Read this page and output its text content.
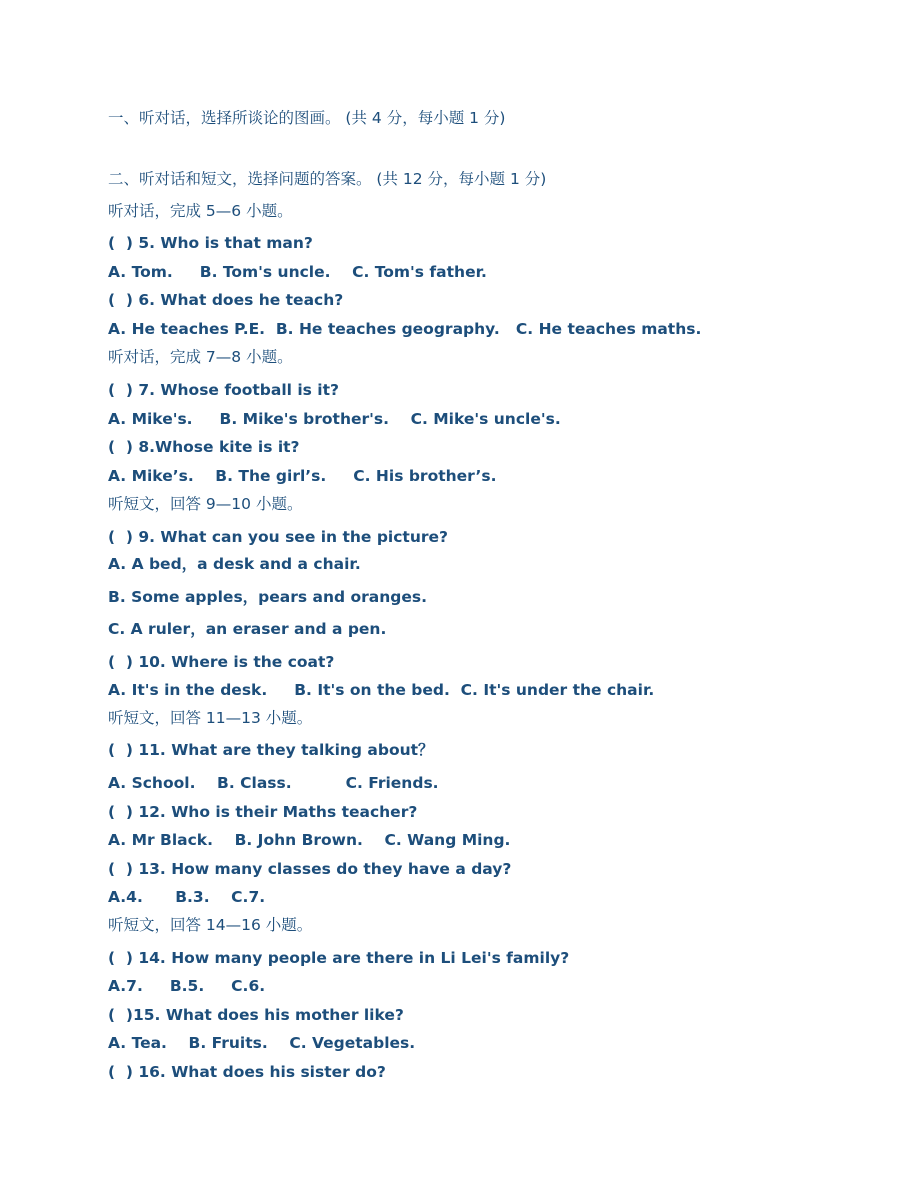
一、听对话，选择所谈论的图画。 (共 4 分，每小题 1 分)
二、听对话和短文，选择问题的答案。 (共 12 分，每小题 1 分)
听对话，完成 5—6 小题。
(  ) 5. Who is that man?
A. Tom.     B. Tom's uncle.    C. Tom's father.
(  ) 6. What does he teach?
A. He teaches P.E.  B. He teaches geography.   C. He teaches maths.
听对话，完成 7—8 小题。
(  ) 7. Whose football is it?
A. Mike's.     B. Mike's brother's.    C. Mike's uncle's.
(  ) 8.Whose kite is it?
A. Mike’s.    B. The girl’s.     C. His brother’s.
听短文，回答 9—10 小题。
(  ) 9. What can you see in the picture?
A. A bed，a desk and a chair.
B. Some apples，pears and oranges.
C. A ruler，an eraser and a pen.
(  ) 10. Where is the coat?
A. It's in the desk.     B. It's on the bed.  C. It's under the chair.
听短文，回答 11—13 小题。
(  ) 11. What are they talking about？
A. School.    B. Class.          C. Friends.
(  ) 12. Who is their Maths teacher?
A. Mr Black.    B. John Brown.    C. Wang Ming.
(  ) 13. How many classes do they have a day?
A.4.      B.3.    C.7.
听短文，回答 14—16 小题。
(  ) 14. How many people are there in Li Lei's family?
A.7.     B.5.     C.6.
(  )15. What does his mother like?
A. Tea.    B. Fruits.    C. Vegetables.
(  ) 16. What does his sister do?
